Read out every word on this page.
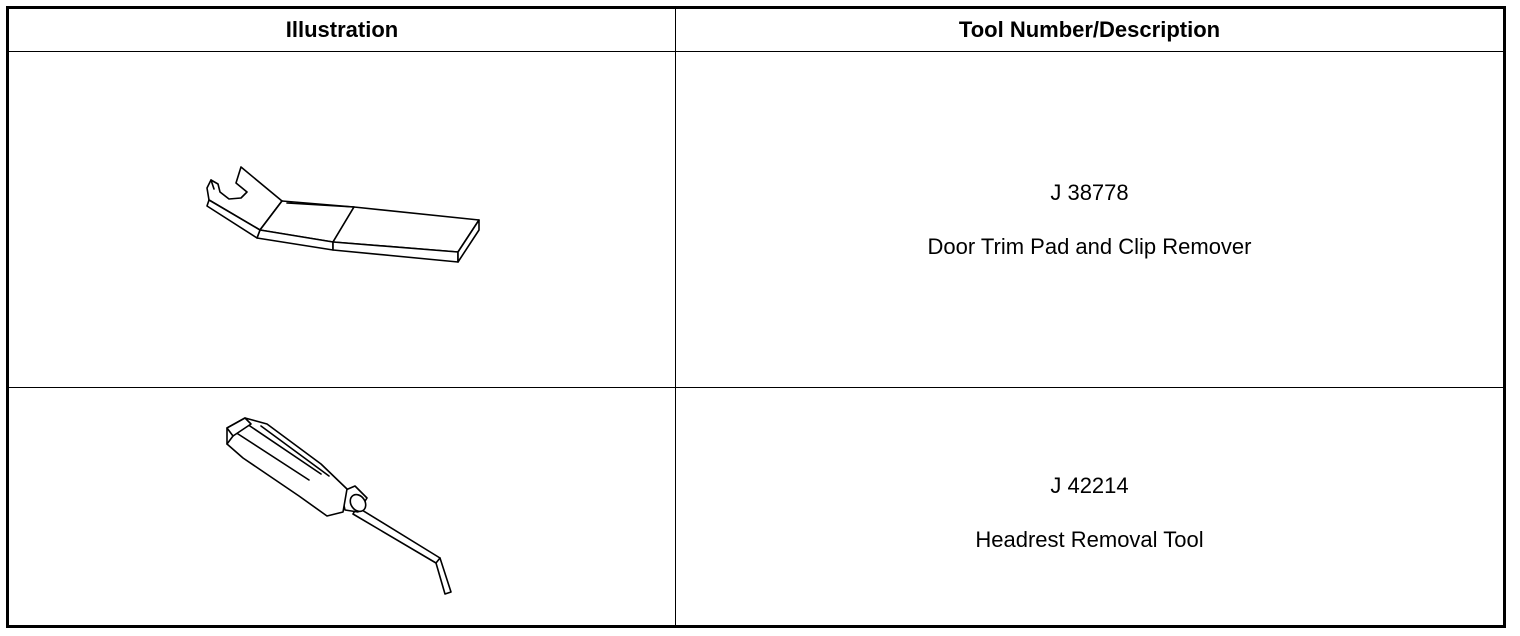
Illustration	Tool Number/Description

J 38778

Door Trim Pad and Clip Remover

J 42214

Headrest Removal Tool
